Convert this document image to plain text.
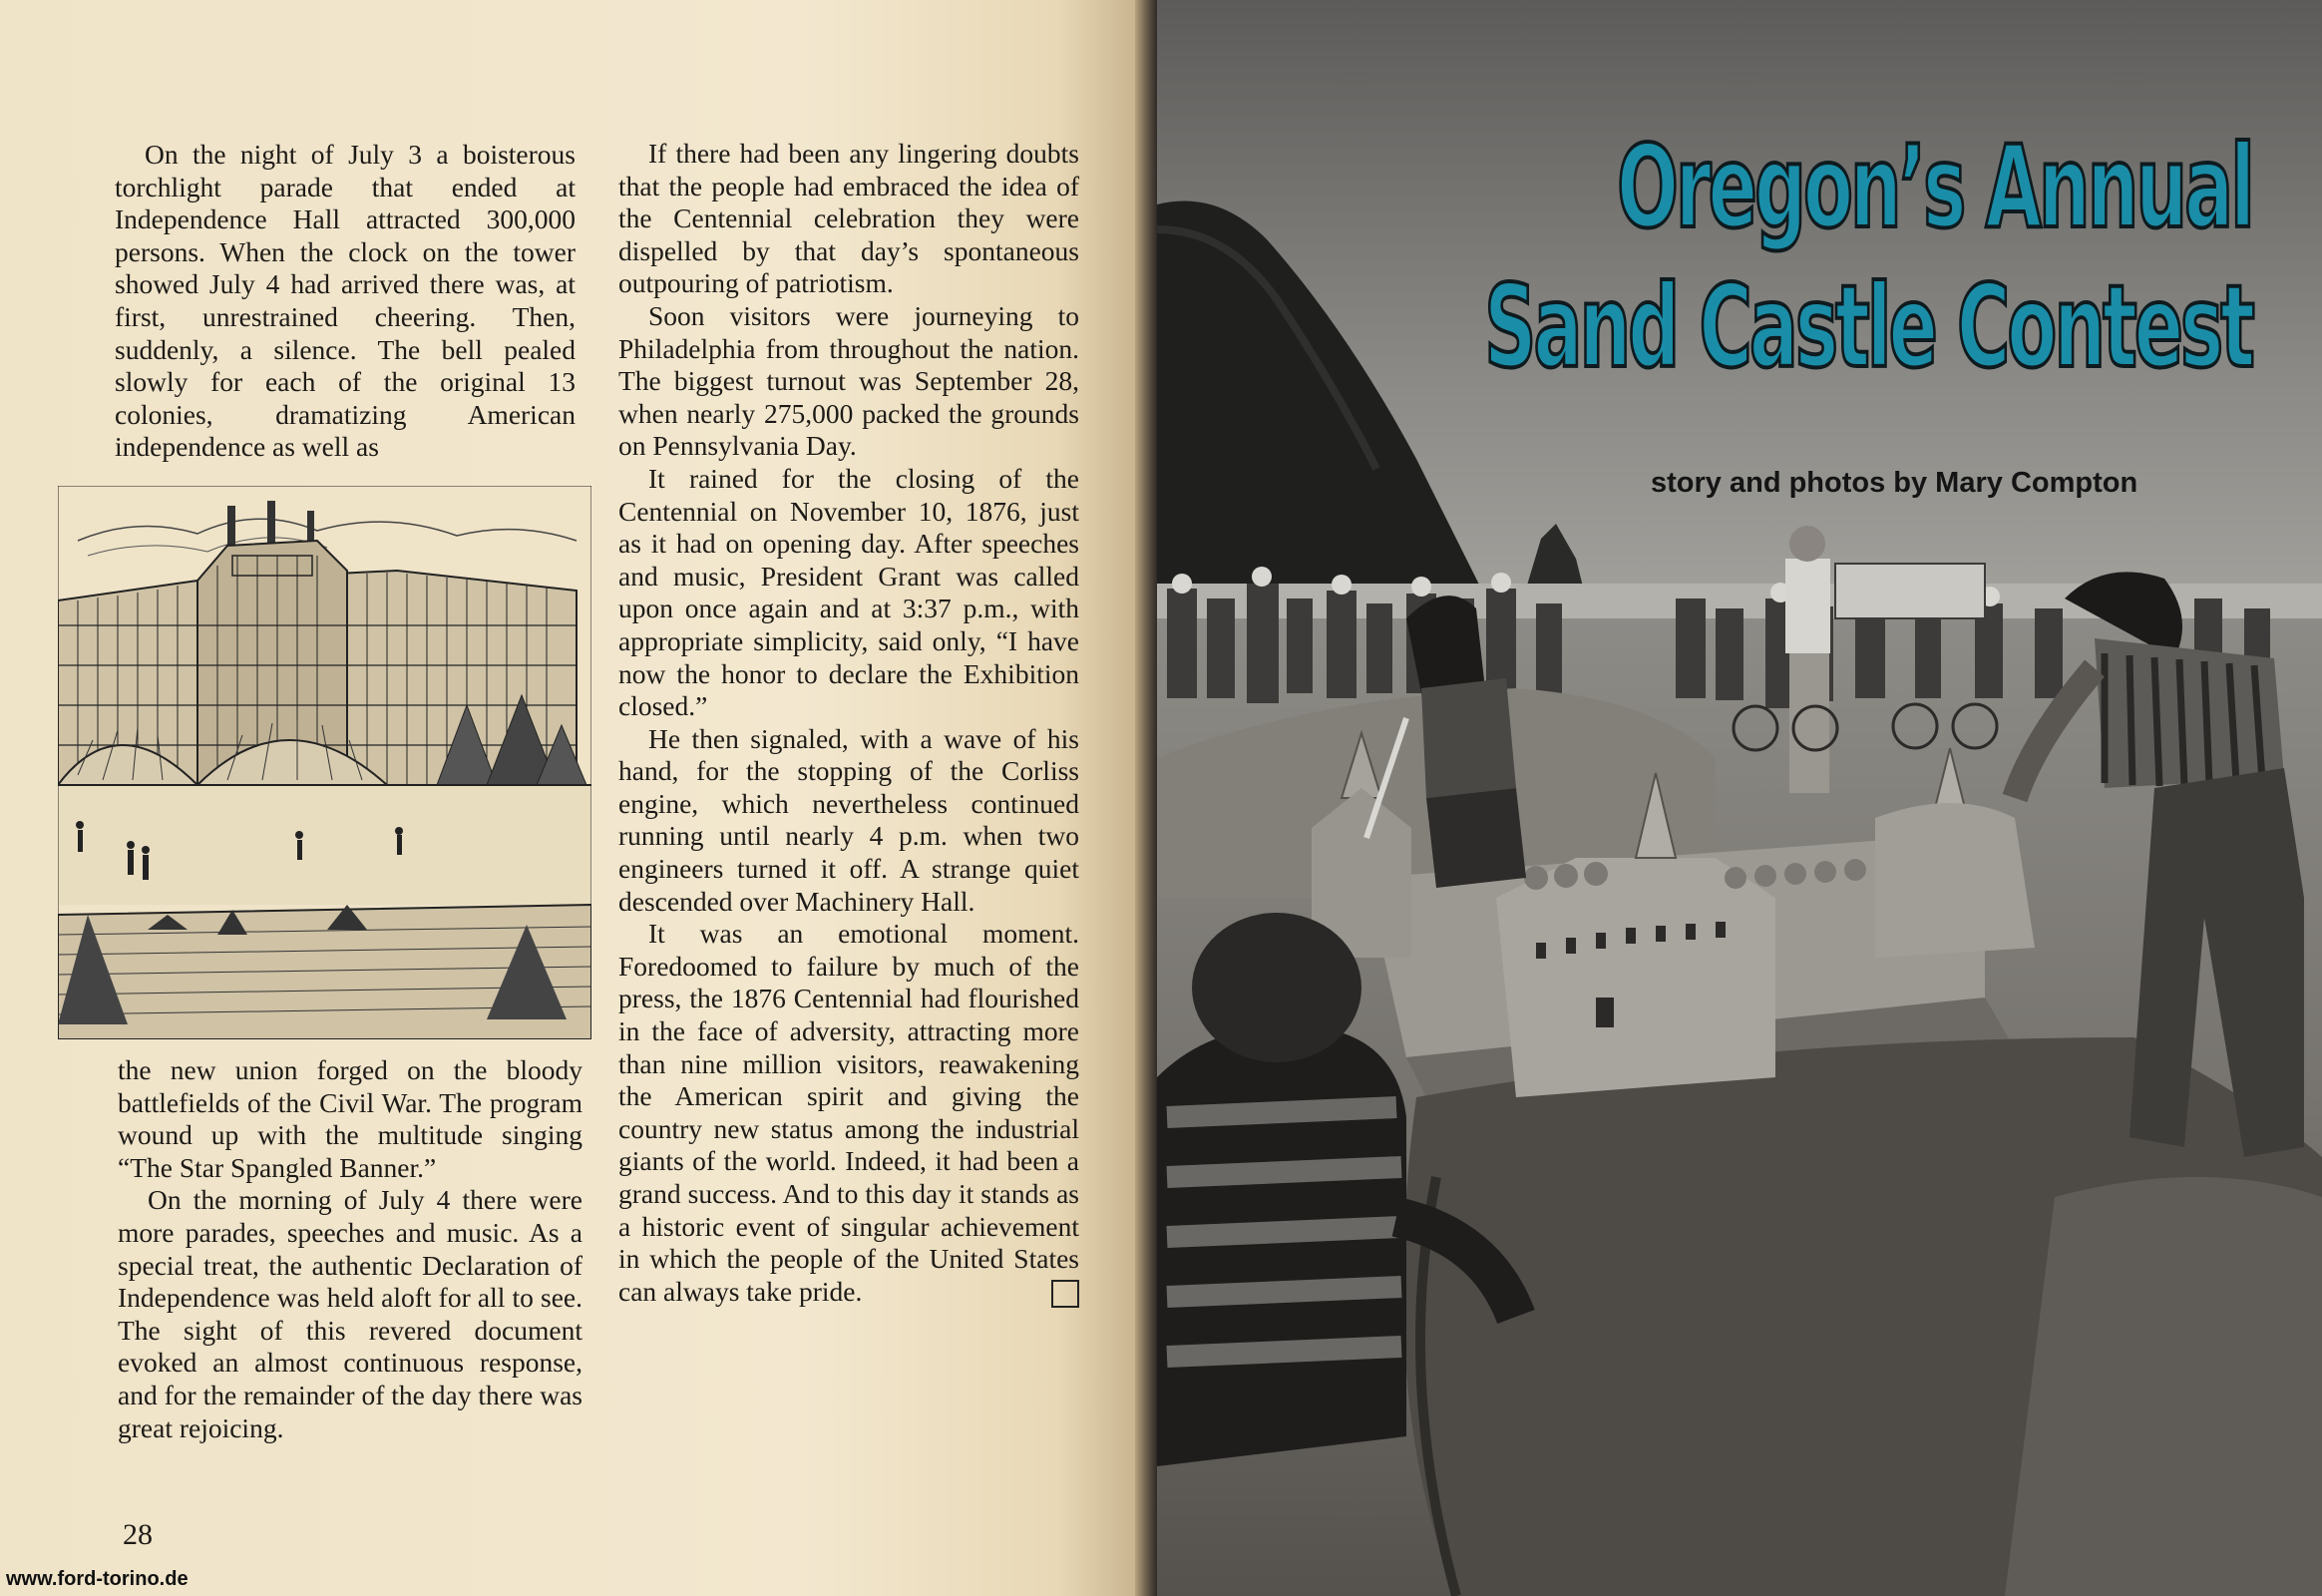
On the night of July 3 a boisterous torchlight parade that ended at Independence Hall attracted 300,000 persons. When the clock on the tower showed July 4 had arrived there was, at first, unrestrained cheering. Then, suddenly, a silence. The bell pealed slowly for each of the original 13 colonies, dramatizing American independence as well as

the new union forged on the bloody battlefields of the Civil War. The program wound up with the multitude singing “The Star Spangled Banner.”

On the morning of July 4 there were more parades, speeches and music. As a special treat, the authentic Declaration of Independence was held aloft for all to see. The sight of this revered document evoked an almost continuous response, and for the remainder of the day there was great rejoicing.

If there had been any lingering doubts that the people had embraced the idea of the Centennial celebration they were dispelled by that day’s spontaneous outpouring of patriotism.

Soon visitors were journeying to Philadelphia from throughout the nation. The biggest turnout was September 28, when nearly 275,000 packed the grounds on Pennsylvania Day.

It rained for the closing of the Centennial on November 10, 1876, just as it had on opening day. After speeches and music, President Grant was called upon once again and at 3:37 p.m., with appropriate simplicity, said only, “I have now the honor to declare the Exhibition closed.”

He then signaled, with a wave of his hand, for the stopping of the Corliss engine, which nevertheless continued running until nearly 4 p.m. when two engineers turned it off. A strange quiet descended over Machinery Hall.

It was an emotional moment. Foredoomed to failure by much of the press, the 1876 Centennial had flourished in the face of adversity, attracting more than nine million visitors, reawakening the American spirit and giving the country new status among the industrial giants of the world. Indeed, it had been a grand success. And to this day it stands as a historic event of singular achievement in which the people of the United States can always take pride.

28
www.ford-torino.de
Oregon’s Annual
Sand Castle Contest
story and photos by Mary Compton
